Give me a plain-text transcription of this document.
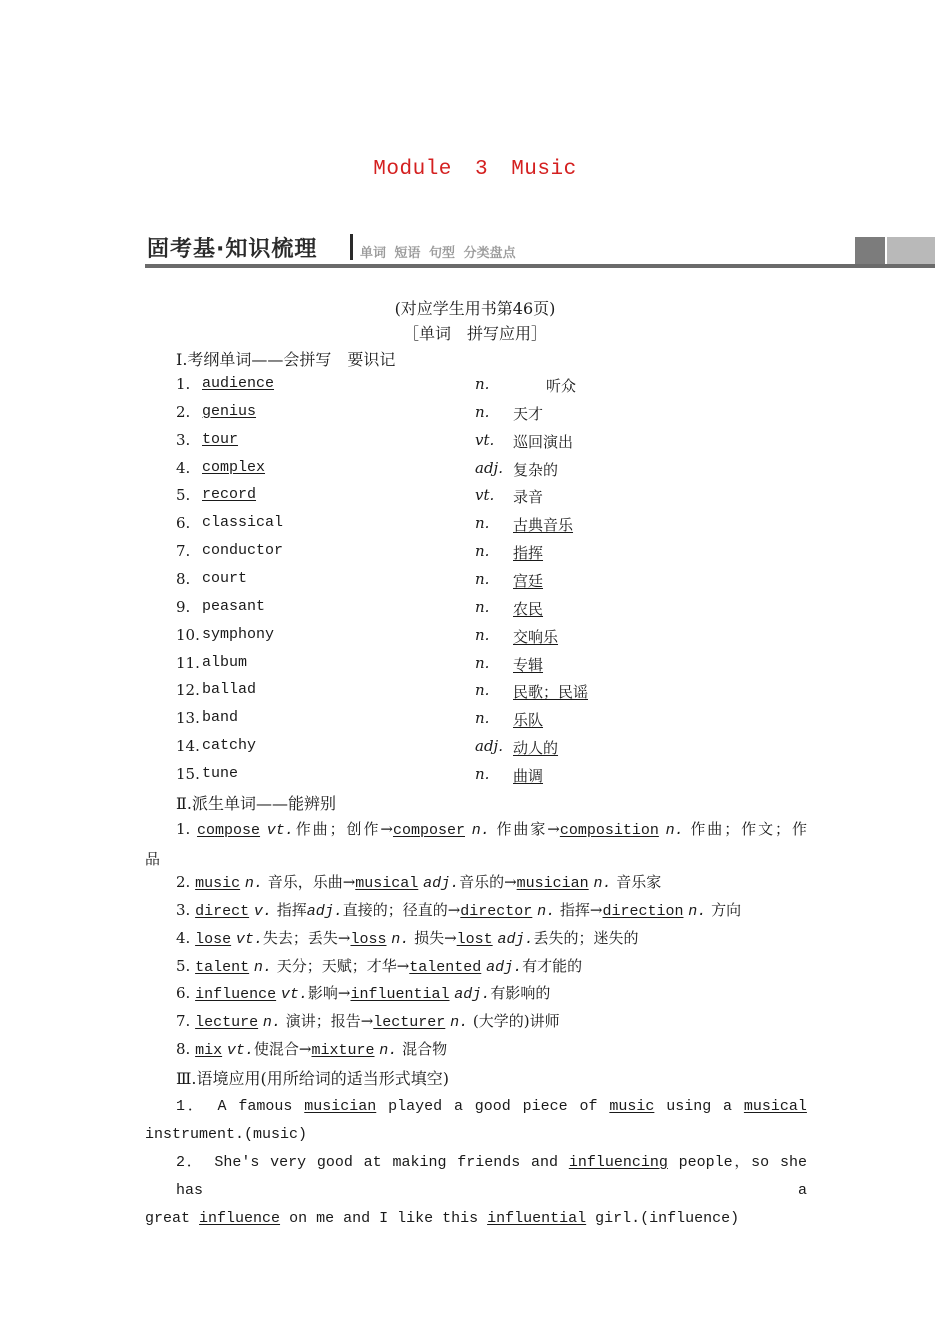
Module 3 Music
固考基·知识梳理	单词 短语 句型 分类盘点
(对应学生用书第46页)
［单词　拼写应用］
Ⅰ.考纲单词——会拼写　要识记
1. audience	n.	听众
2. genius	n. 天才
3. tour	vt. 巡回演出
4. complex	adj. 复杂的
5. record	vt. 录音
6. classical	n. 古典音乐
7. conductor	n. 指挥
8. court	n. 宫廷
9. peasant	n. 农民
10. symphony	n. 交响乐
11. album	n. 专辑
12. ballad	n. 民歌；民谣
13. band	n. 乐队
14. catchy	adj. 动人的
15. tune	n. 曲调
Ⅱ.派生单词——能辨别
1. compose vt.作曲；创作→composer n. 作曲家→composition n. 作曲；作文；作
品
2. music n. 音乐，乐曲→musical adj.音乐的→musician n. 音乐家
3. direct v. 指挥adj.直接的；径直的→director n. 指挥→direction n. 方向
4. lose vt.失去；丢失→loss n. 损失→lost adj.丢失的；迷失的
5. talent n. 天分；天赋；才华→talented adj.有才能的
6. influence vt.影响→influential adj.有影响的
7. lecture n. 演讲；报告→lecturer n. (大学的)讲师
8. mix vt.使混合→mixture n. 混合物
Ⅲ.语境应用(用所给词的适当形式填空)
1． A famous musician played a good piece of music using a musical
instrument.(music)
2． She's very good at making friends and influencing people，so she has a
great influence on me and I like this influential girl.(influence)
